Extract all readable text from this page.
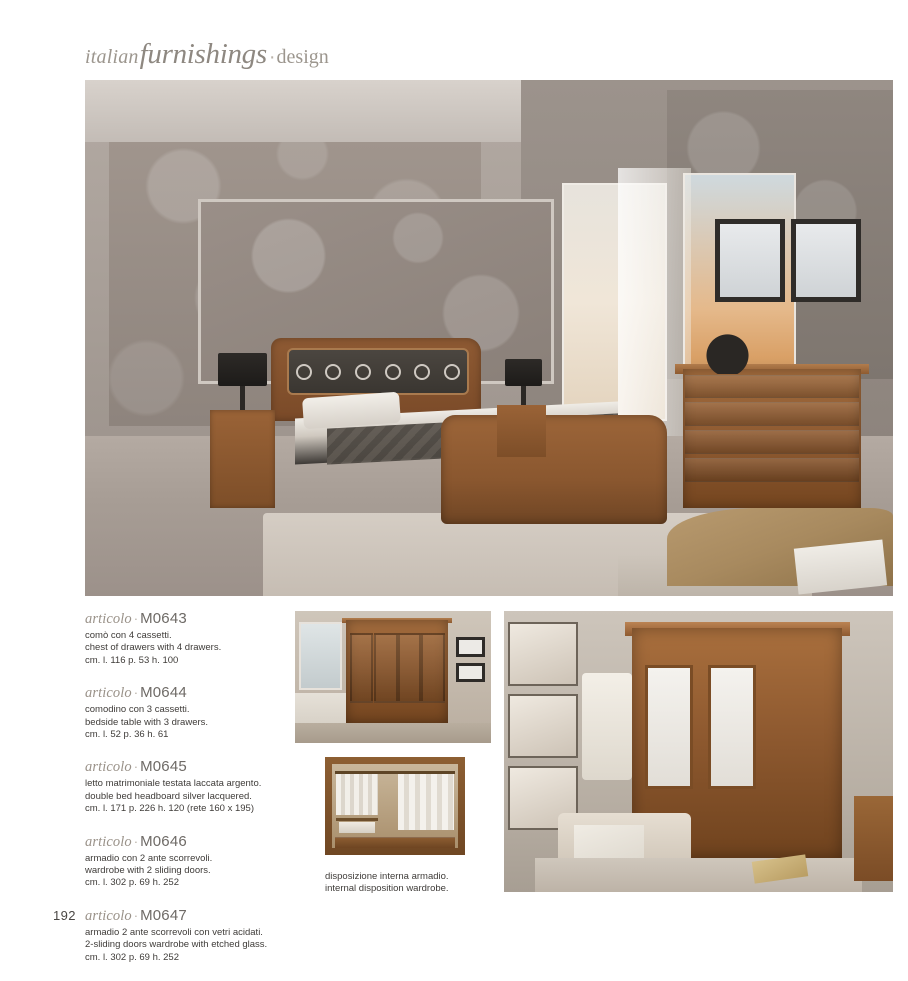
italian furnishings · design
articolo · M0643
comò con 4 cassetti.
chest of drawers with 4 drawers.
cm. l. 116 p. 53 h. 100
articolo · M0644
comodino con 3 cassetti.
bedside table with 3 drawers.
cm. l. 52 p. 36 h. 61
articolo · M0645
letto matrimoniale testata laccata argento.
double bed headboard silver lacquered.
cm. l. 171 p. 226 h. 120 (rete 160 x 195)
articolo · M0646
armadio con 2 ante scorrevoli.
wardrobe with 2 sliding doors.
cm. l. 302 p. 69 h. 252
articolo · M0647
armadio 2 ante scorrevoli con vetri acidati.
2-sliding doors wardrobe with etched glass.
cm. l. 302 p. 69 h. 252
disposizione interna armadio.
internal disposition wardrobe.
192
